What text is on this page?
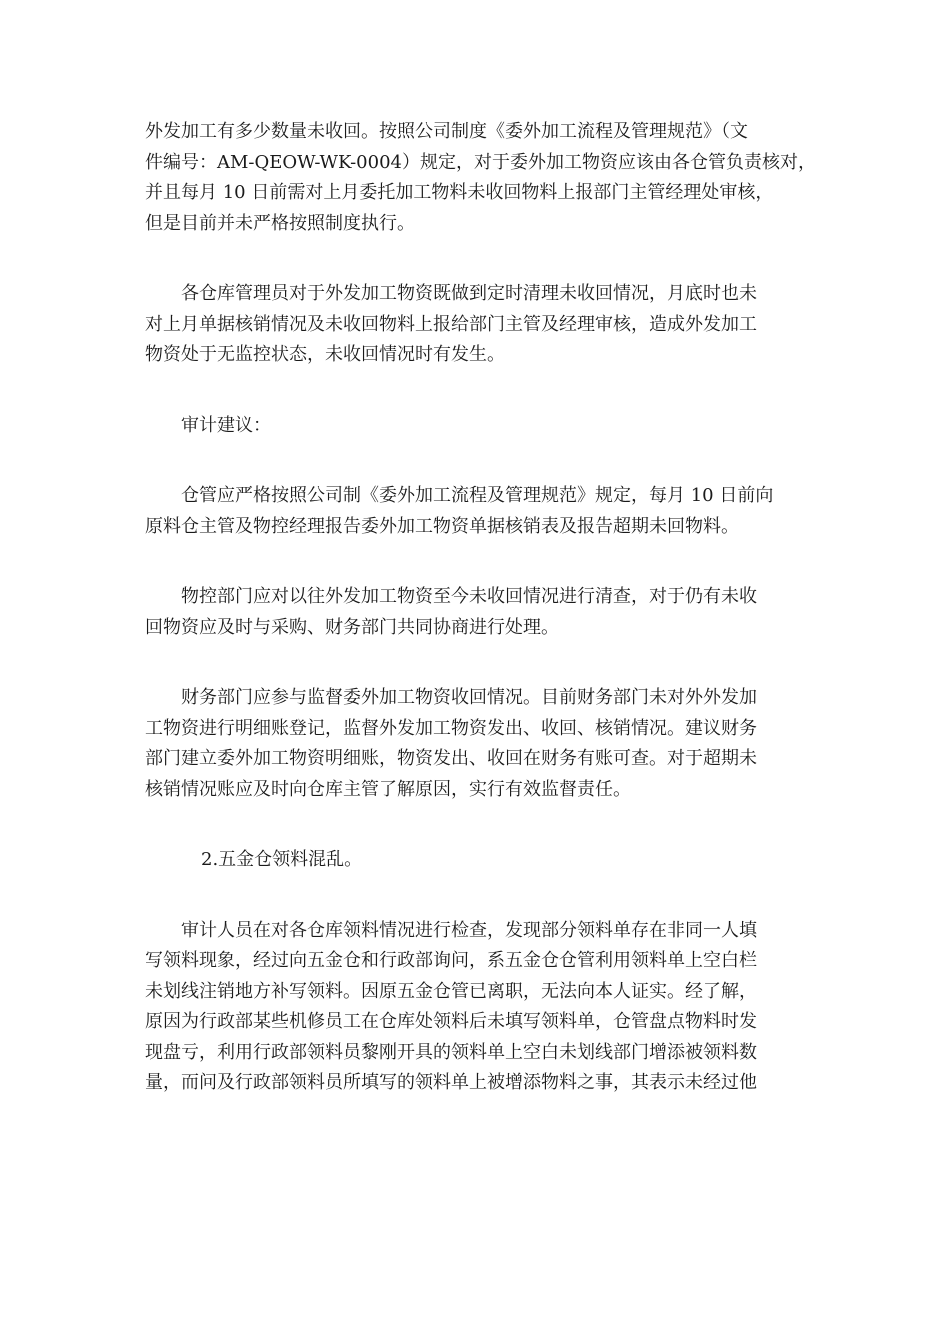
外发加工有多少数量未收回。按照公司制度《委外加工流程及管理规范》（文
件编号：AM-QEOW-WK-0004）规定，对于委外加工物资应该由各仓管负责核对，
并且每月 10 日前需对上月委托加工物料未收回物料上报部门主管经理处审核，
但是目前并未严格按照制度执行。
各仓库管理员对于外发加工物资既做到定时清理未收回情况，月底时也未
对上月单据核销情况及未收回物料上报给部门主管及经理审核，造成外发加工
物资处于无监控状态，未收回情况时有发生。
审计建议：
仓管应严格按照公司制《委外加工流程及管理规范》规定，每月 10 日前向
原料仓主管及物控经理报告委外加工物资单据核销表及报告超期未回物料。
物控部门应对以往外发加工物资至今未收回情况进行清查，对于仍有未收
回物资应及时与采购、财务部门共同协商进行处理。
财务部门应参与监督委外加工物资收回情况。目前财务部门未对外外发加
工物资进行明细账登记，监督外发加工物资发出、收回、核销情况。建议财务
部门建立委外加工物资明细账，物资发出、收回在财务有账可查。对于超期未
核销情况账应及时向仓库主管了解原因，实行有效监督责任。
2.五金仓领料混乱。
审计人员在对各仓库领料情况进行检查，发现部分领料单存在非同一人填
写领料现象，经过向五金仓和行政部询问，系五金仓仓管利用领料单上空白栏
未划线注销地方补写领料。因原五金仓管已离职，无法向本人证实。经了解，
原因为行政部某些机修员工在仓库处领料后未填写领料单，仓管盘点物料时发
现盘亏，利用行政部领料员黎刚开具的领料单上空白未划线部门增添被领料数
量，而问及行政部领料员所填写的领料单上被增添物料之事，其表示未经过他
